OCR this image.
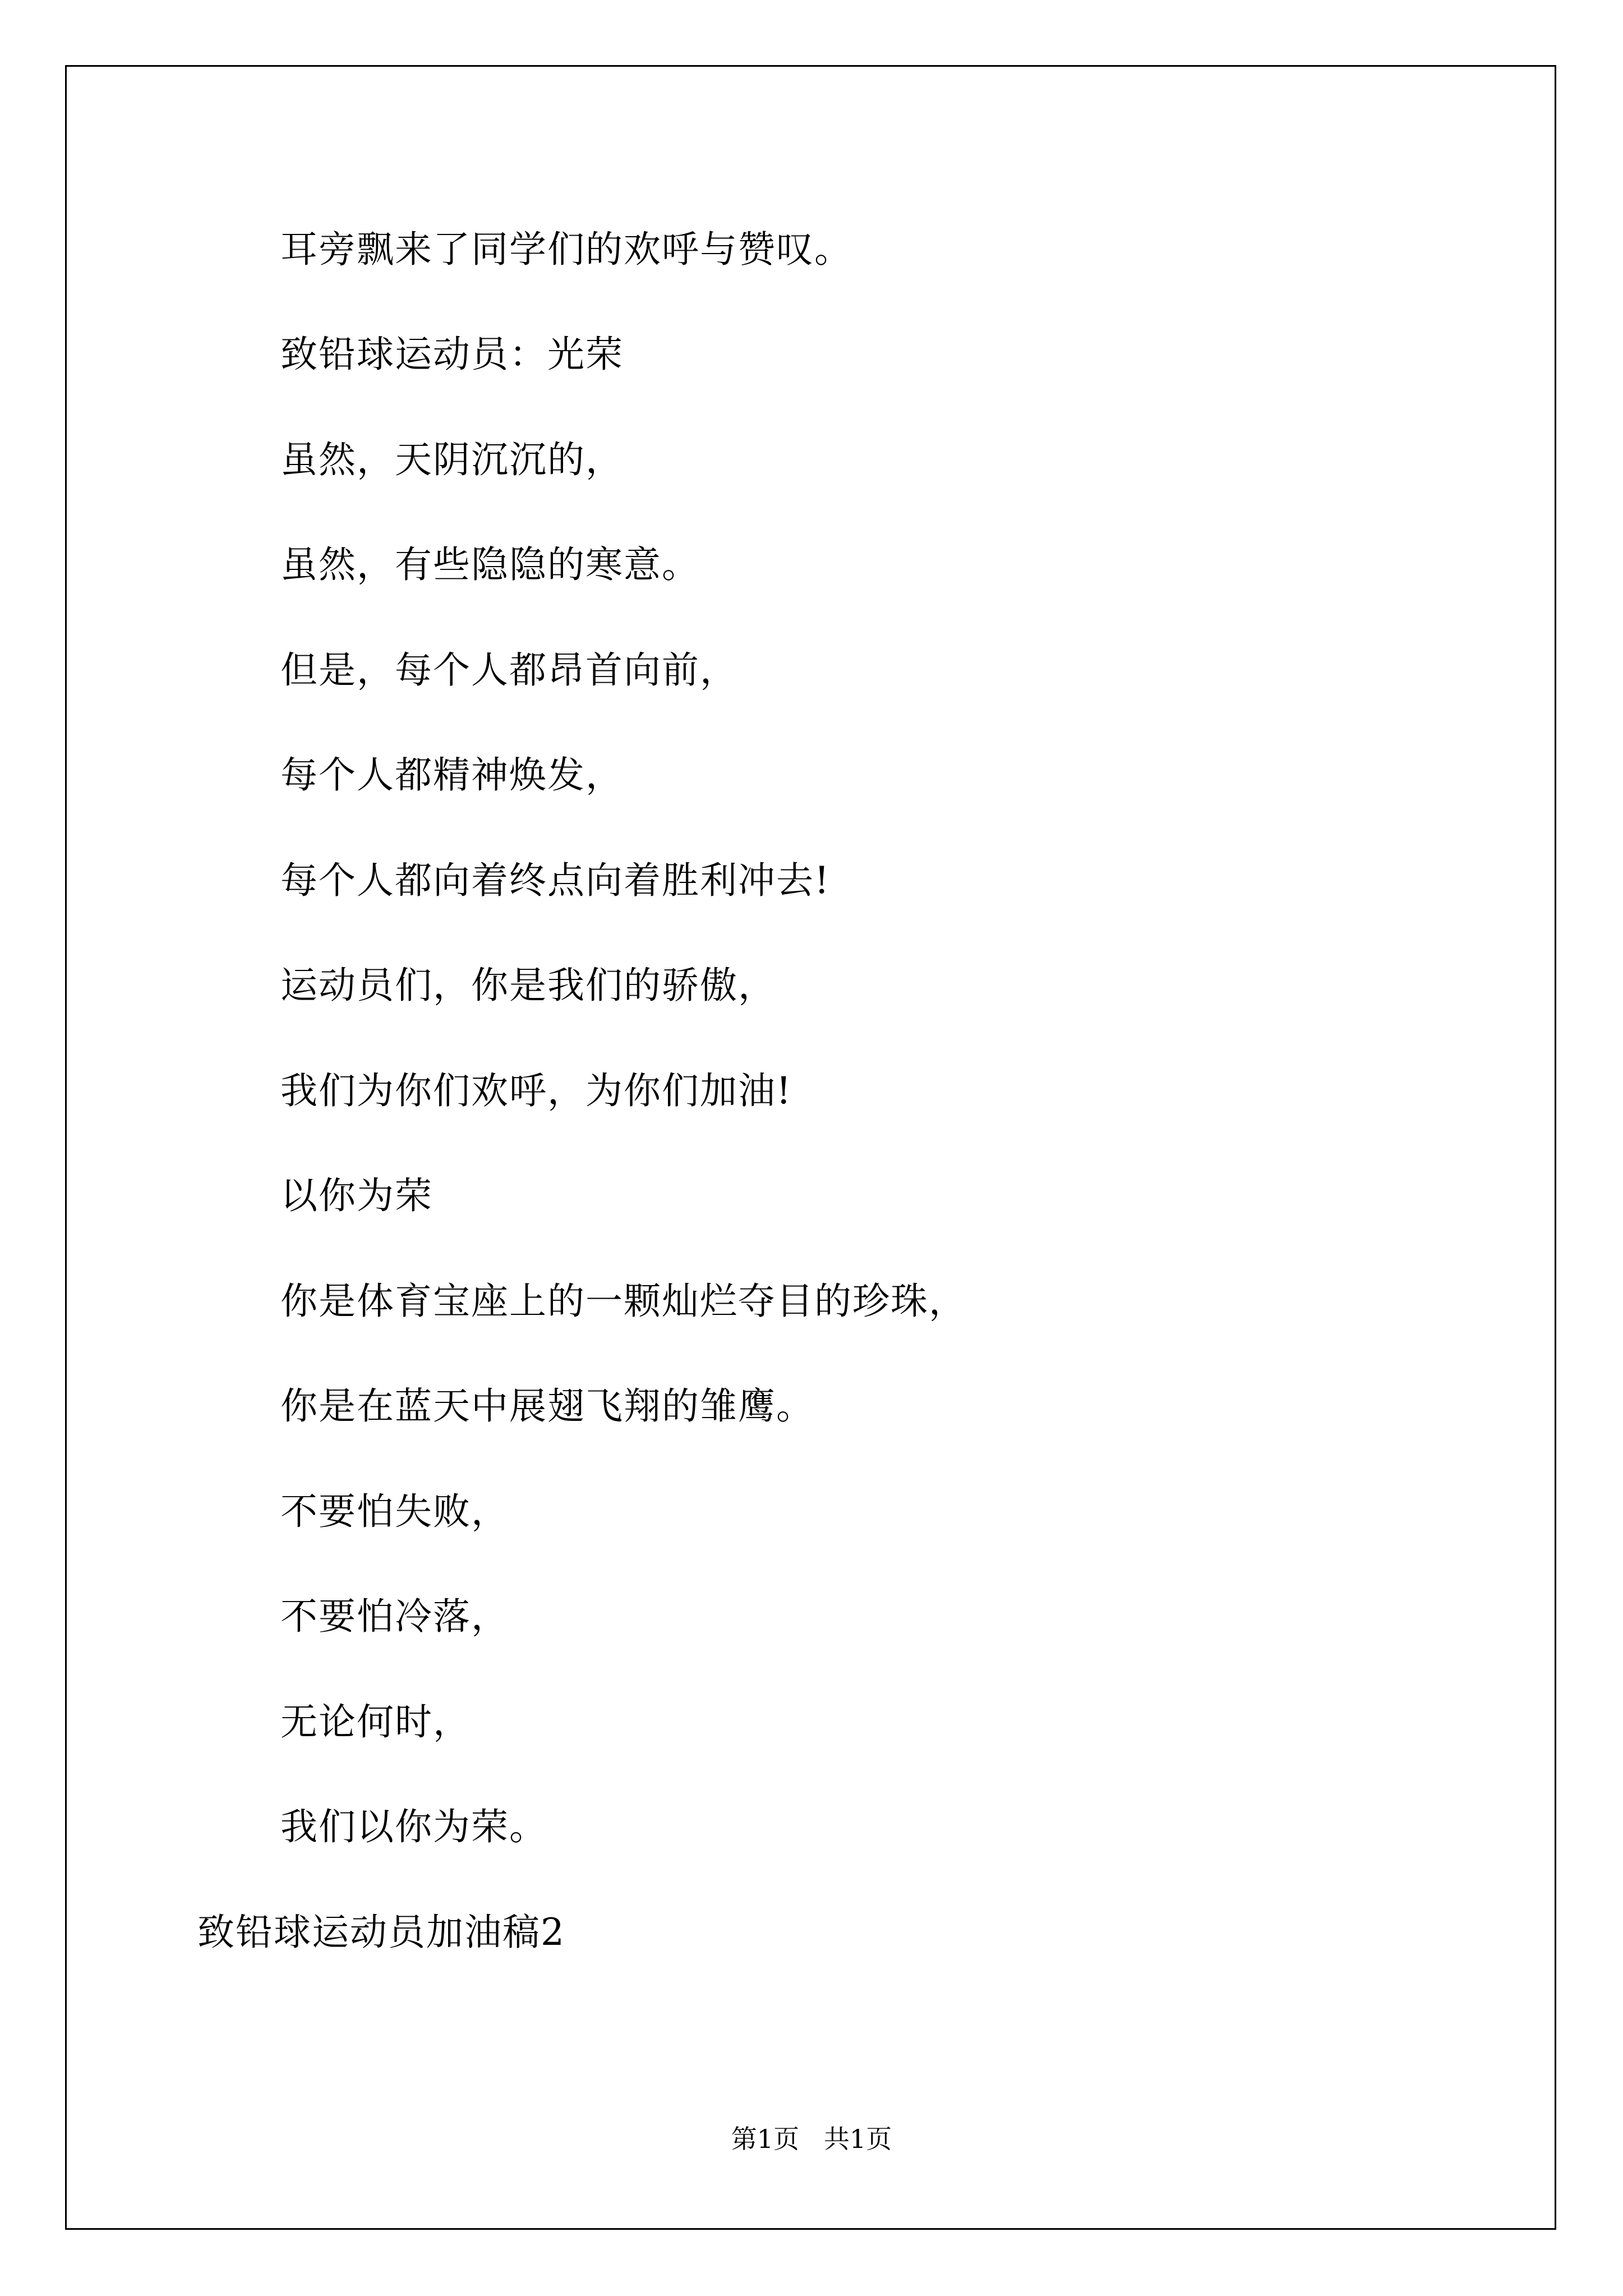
耳旁飘来了同学们的欢呼与赞叹。
致铅球运动员：光荣
虽然，天阴沉沉的，
虽然，有些隐隐的寒意。
但是，每个人都昂首向前，
每个人都精神焕发，
每个人都向着终点向着胜利冲去!
运动员们，你是我们的骄傲，
我们为你们欢呼，为你们加油!
以你为荣
你是体育宝座上的一颗灿烂夺目的珍珠，
你是在蓝天中展翅飞翔的雏鹰。
不要怕失败，
不要怕冷落，
无论何时，
我们以你为荣。
致铅球运动员加油稿2
第1页   共1页
